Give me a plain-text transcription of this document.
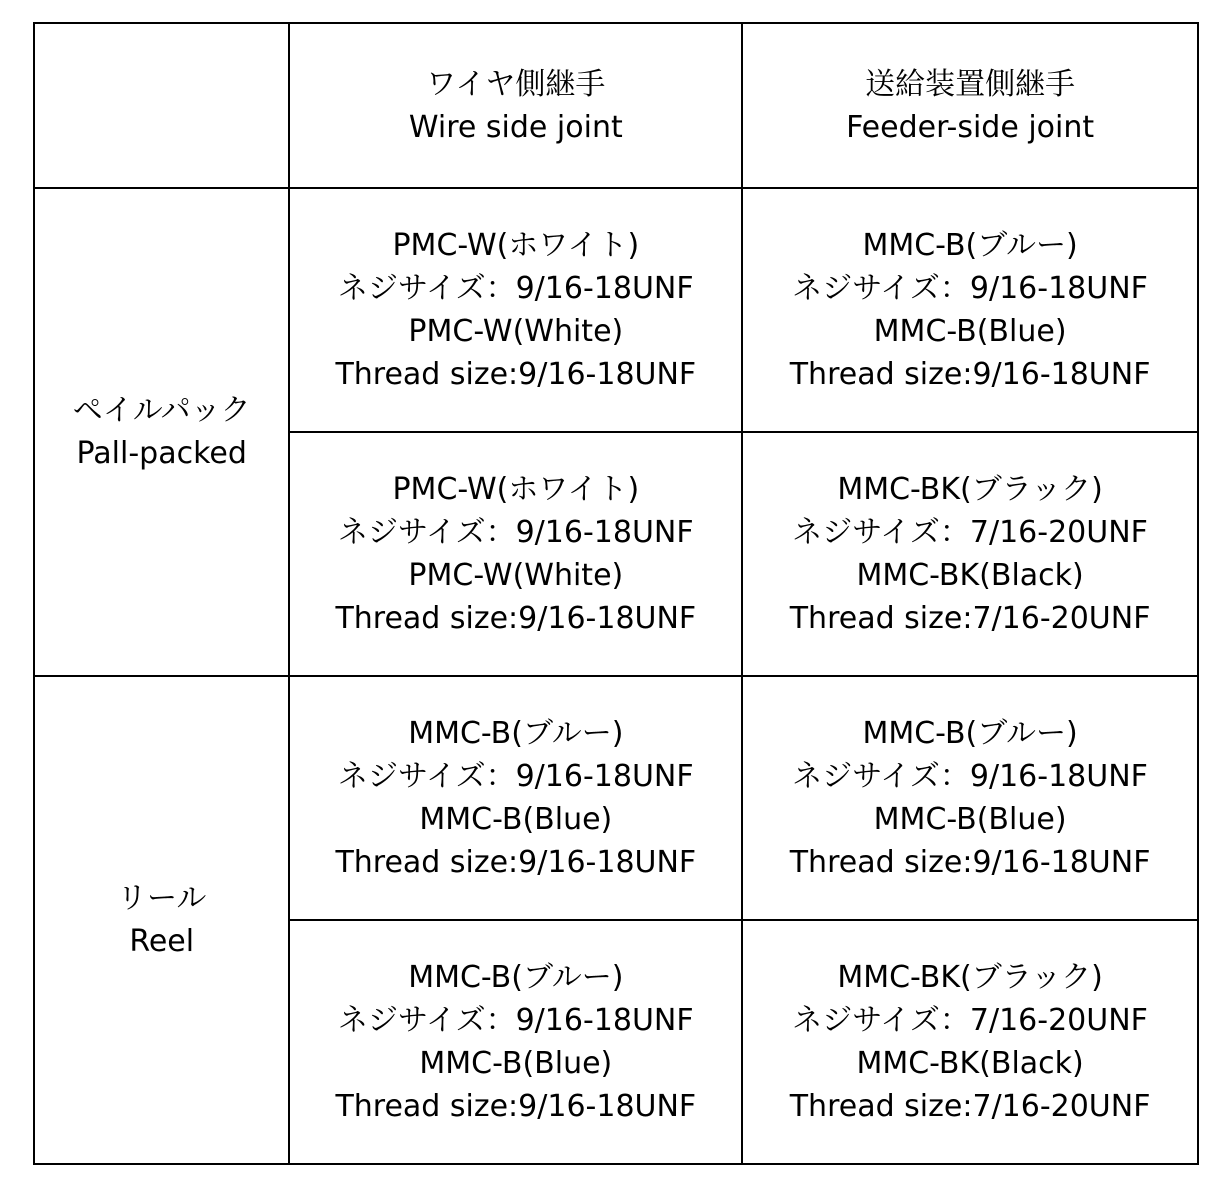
	ワイヤ側継手
Wire side joint	送給装置側継手
Feeder-side joint

ペイルパック
Pall-packed	PMC-W(ホワイト)
ネジサイズ：9/16-18UNF
PMC-W(White)
Thread size:9/16-18UNF	MMC-B(ブルー)
ネジサイズ：9/16-18UNF
MMC-B(Blue)
Thread size:9/16-18UNF

	PMC-W(ホワイト)
ネジサイズ：9/16-18UNF
PMC-W(White)
Thread size:9/16-18UNF	MMC-BK(ブラック)
ネジサイズ：7/16-20UNF
MMC-BK(Black)
Thread size:7/16-20UNF

リール
Reel	MMC-B(ブルー)
ネジサイズ：9/16-18UNF
MMC-B(Blue)
Thread size:9/16-18UNF	MMC-B(ブルー)
ネジサイズ：9/16-18UNF
MMC-B(Blue)
Thread size:9/16-18UNF

	MMC-B(ブルー)
ネジサイズ：9/16-18UNF
MMC-B(Blue)
Thread size:9/16-18UNF	MMC-BK(ブラック)
ネジサイズ：7/16-20UNF
MMC-BK(Black)
Thread size:7/16-20UNF
